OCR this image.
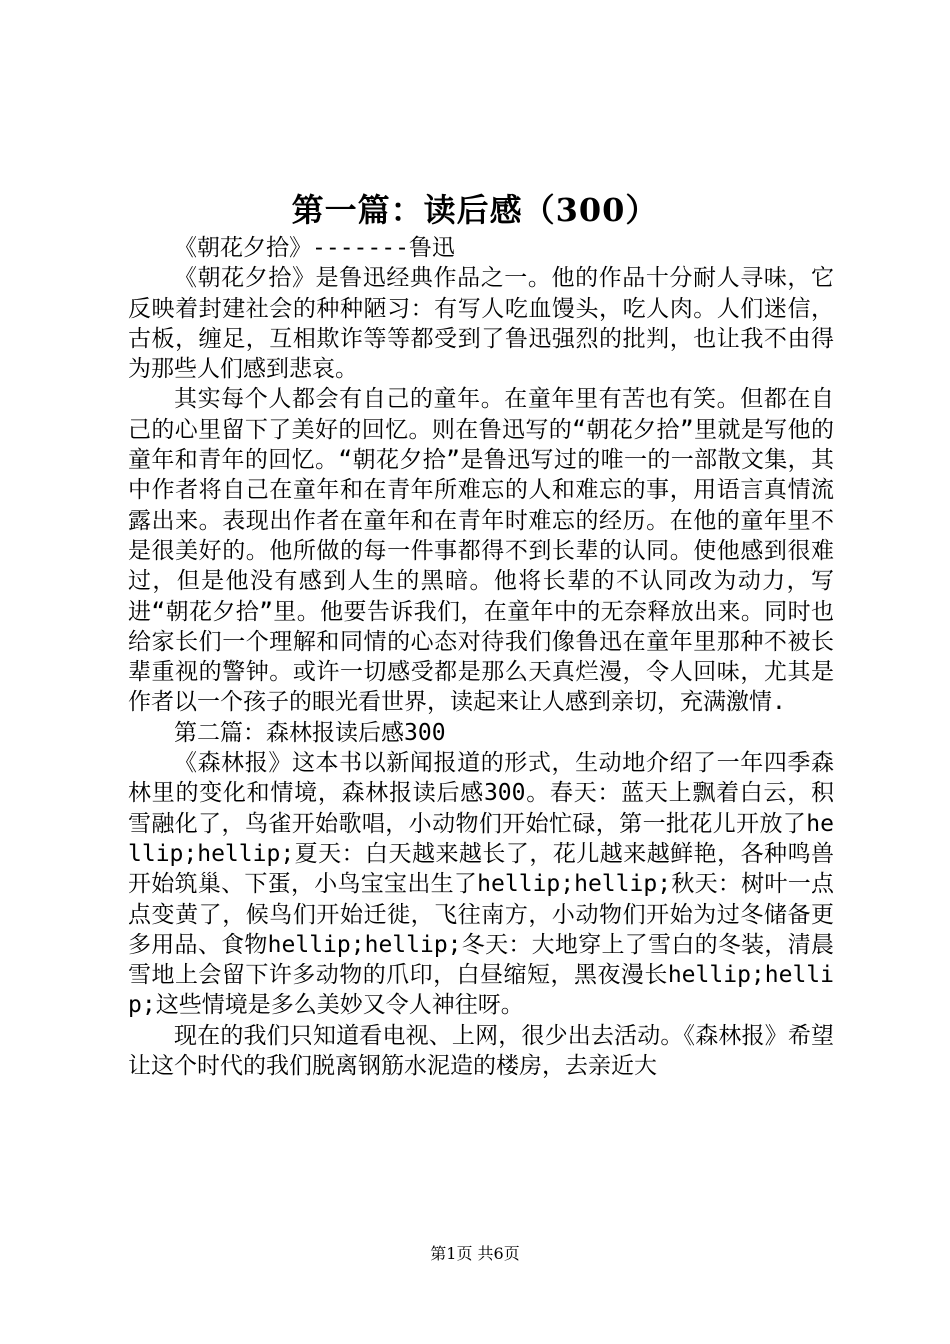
第一篇：读后感（300）

《朝花夕拾》-------鲁迅

《朝花夕拾》是鲁迅经典作品之一。他的作品十分耐人寻味，它反映着封建社会的种种陋习：有写人吃血馒头，吃人肉。人们迷信，古板，缠足，互相欺诈等等都受到了鲁迅强烈的批判，也让我不由得为那些人们感到悲哀。

其实每个人都会有自己的童年。在童年里有苦也有笑。但都在自己的心里留下了美好的回忆。则在鲁迅写的“朝花夕拾”里就是写他的童年和青年的回忆。“朝花夕拾”是鲁迅写过的唯一的一部散文集，其中作者将自己在童年和在青年所难忘的人和难忘的事，用语言真情流露出来。表现出作者在童年和在青年时难忘的经历。在他的童年里不是很美好的。他所做的每一件事都得不到长辈的认同。使他感到很难过，但是他没有感到人生的黑暗。他将长辈的不认同改为动力，写进“朝花夕拾”里。他要告诉我们，在童年中的无奈释放出来。同时也给家长们一个理解和同情的心态对待我们像鲁迅在童年里那种不被长辈重视的警钟。或许一切感受都是那么天真烂漫，令人回味，尤其是作者以一个孩子的眼光看世界，读起来让人感到亲切，充满激情.

第二篇：森林报读后感300

《森林报》这本书以新闻报道的形式，生动地介绍了一年四季森林里的变化和情境，森林报读后感300。春天：蓝天上飘着白云，积雪融化了，鸟雀开始歌唱，小动物们开始忙碌，第一批花儿开放了hellip;hellip;夏天：白天越来越长了，花儿越来越鲜艳，各种鸣兽开始筑巢、下蛋，小鸟宝宝出生了hellip;hellip;秋天：树叶一点点变黄了，候鸟们开始迁徙，飞往南方，小动物们开始为过冬储备更多用品、食物hellip;hellip;冬天：大地穿上了雪白的冬装，清晨雪地上会留下许多动物的爪印，白昼缩短，黑夜漫长hellip;hellip;这些情境是多么美妙又令人神往呀。

现在的我们只知道看电视、上网，很少出去活动。《森林报》希望让这个时代的我们脱离钢筋水泥造的楼房，去亲近大

第1页 共6页
